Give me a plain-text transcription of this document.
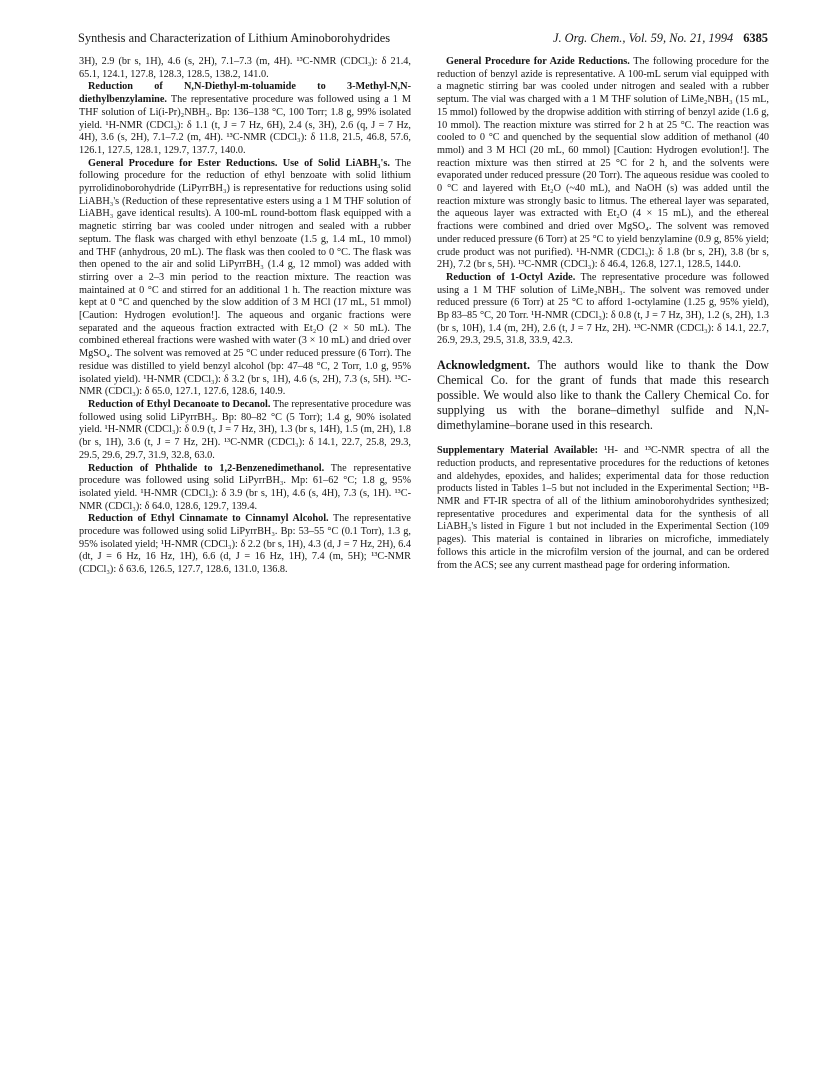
Synthesis and Characterization of Lithium Aminoborohydrides	J. Org. Chem., Vol. 59, No. 21, 1994 6385

3H), 2.9 (br s, 1H), 4.6 (s, 2H), 7.1–7.3 (m, 4H). ¹³C-NMR (CDCl₃): δ 21.4, 65.1, 124.1, 127.8, 128.3, 128.5, 138.2, 141.0.

Reduction of N,N-Diethyl-m-toluamide to 3-Methyl-N,N-diethylbenzylamine. The representative procedure was followed using a 1 M THF solution of Li(i-Pr)₂NBH₃. Bp: 136–138 °C, 100 Torr; 1.8 g, 99% isolated yield. ¹H-NMR (CDCl₃): δ 1.1 (t, J = 7 Hz, 6H), 2.4 (s, 3H), 2.6 (q, J = 7 Hz, 4H), 3.6 (s, 2H), 7.1–7.2 (m, 4H). ¹³C-NMR (CDCl₃): δ 11.8, 21.5, 46.8, 57.6, 126.1, 127.5, 128.1, 129.7, 137.7, 140.0.

General Procedure for Ester Reductions. Use of Solid LiABH₃'s. The following procedure for the reduction of ethyl benzoate with solid lithium pyrrolidinoborohydride (LiPyrrBH₃) is representative for reductions using solid LiABH₃'s (Reduction of these representative esters using a 1 M THF solution of LiABH₃ gave identical results). A 100-mL round-bottom flask equipped with a magnetic stirring bar was cooled under nitrogen and sealed with a rubber septum. The flask was charged with ethyl benzoate (1.5 g, 1.4 mL, 10 mmol) and THF (anhydrous, 20 mL). The flask was then cooled to 0 °C. The flask was then opened to the air and solid LiPyrrBH₃ (1.4 g, 12 mmol) was added with stirring over a 2–3 min period to the reaction mixture. The reaction was maintained at 0 °C and stirred for an additional 1 h. The reaction mixture was kept at 0 °C and quenched by the slow addition of 3 M HCl (17 mL, 51 mmol) [Caution: Hydrogen evolution!]. The aqueous and organic fractions were separated and the aqueous fraction extracted with Et₂O (2 × 50 mL). The combined ethereal fractions were washed with water (3 × 10 mL) and dried over MgSO₄. The solvent was removed at 25 °C under reduced pressure (6 Torr). The residue was distilled to yield benzyl alcohol (bp: 47–48 °C, 2 Torr, 1.0 g, 95% isolated yield). ¹H-NMR (CDCl₃): δ 3.2 (br s, 1H), 4.6 (s, 2H), 7.3 (s, 5H). ¹³C-NMR (CDCl₃): δ 65.0, 127.1, 127.6, 128.6, 140.9.

Reduction of Ethyl Decanoate to Decanol. The representative procedure was followed using solid LiPyrrBH₃. Bp: 80–82 °C (5 Torr); 1.4 g, 90% isolated yield. ¹H-NMR (CDCl₃): δ 0.9 (t, J = 7 Hz, 3H), 1.3 (br s, 14H), 1.5 (m, 2H), 1.8 (br s, 1H), 3.6 (t, J = 7 Hz, 2H). ¹³C-NMR (CDCl₃): δ 14.1, 22.7, 25.8, 29.3, 29.5, 29.6, 29.7, 31.9, 32.8, 63.0.

Reduction of Phthalide to 1,2-Benzenedimethanol. The representative procedure was followed using solid LiPyrrBH₃. Mp: 61–62 °C; 1.8 g, 95% isolated yield. ¹H-NMR (CDCl₃): δ 3.9 (br s, 1H), 4.6 (s, 4H), 7.3 (s, 1H). ¹³C-NMR (CDCl₃): δ 64.0, 128.6, 129.7, 139.4.

Reduction of Ethyl Cinnamate to Cinnamyl Alcohol. The representative procedure was followed using solid LiPyrrBH₃. Bp: 53–55 °C (0.1 Torr), 1.3 g, 95% isolated yield; ¹H-NMR (CDCl₃): δ 2.2 (br s, 1H), 4.3 (d, J = 7 Hz, 2H), 6.4 (dt, J = 6 Hz, 16 Hz, 1H), 6.6 (d, J = 16 Hz, 1H), 7.4 (m, 5H); ¹³C-NMR (CDCl₃): δ 63.6, 126.5, 127.7, 128.6, 131.0, 136.8.

General Procedure for Azide Reductions. The following procedure for the reduction of benzyl azide is representative. A 100-mL serum vial equipped with a magnetic stirring bar was cooled under nitrogen and sealed with a rubber septum. The vial was charged with a 1 M THF solution of LiMe₂NBH₃ (15 mL, 15 mmol) followed by the dropwise addition with stirring of benzyl azide (1.6 g, 10 mmol). The reaction mixture was stirred for 2 h at 25 °C. The reaction was cooled to 0 °C and quenched by the sequential slow addition of methanol (40 mmol) and 3 M HCl (20 mL, 60 mmol) [Caution: Hydrogen evolution!]. The reaction mixture was then stirred at 25 °C for 2 h, and the solvents were evaporated under reduced pressure (20 Torr). The aqueous residue was cooled to 0 °C and layered with Et₂O (~40 mL), and NaOH (s) was added until the reaction mixture was strongly basic to litmus. The ethereal layer was separated, the aqueous layer was extracted with Et₂O (4 × 15 mL), and the ethereal fractions were combined and dried over MgSO₄. The solvent was removed under reduced pressure (6 Torr) at 25 °C to yield benzylamine (0.9 g, 85% yield; crude product was not purified). ¹H-NMR (CDCl₃): δ 1.8 (br s, 2H), 3.8 (br s, 2H), 7.2 (br s, 5H). ¹³C-NMR (CDCl₃): δ 46.4, 126.8, 127.1, 128.5, 144.0.

Reduction of 1-Octyl Azide. The representative procedure was followed using a 1 M THF solution of LiMe₂NBH₃. The solvent was removed under reduced pressure (6 Torr) at 25 °C to afford 1-octylamine (1.25 g, 95% yield), Bp 83–85 °C, 20 Torr. ¹H-NMR (CDCl₃): δ 0.8 (t, J = 7 Hz, 3H), 1.2 (s, 2H), 1.3 (br s, 10H), 1.4 (m, 2H), 2.6 (t, J = 7 Hz, 2H). ¹³C-NMR (CDCl₃): δ 14.1, 22.7, 26.9, 29.3, 29.5, 31.8, 33.9, 42.3.

Acknowledgment. The authors would like to thank the Dow Chemical Co. for the grant of funds that made this research possible. We would also like to thank the Callery Chemical Co. for supplying us with the borane–dimethyl sulfide and N,N-dimethylamine–borane used in this research.

Supplementary Material Available: ¹H- and ¹³C-NMR spectra of all the reduction products, and representative procedures for the reductions of ketones and aldehydes, epoxides, and halides; experimental data for those reduction products listed in Tables 1–5 but not included in the Experimental Section; ¹¹B-NMR and FT-IR spectra of all of the lithium aminoborohydrides synthesized; representative procedures and experimental data for the synthesis of all LiABH₃'s listed in Figure 1 but not included in the Experimental Section (109 pages). This material is contained in libraries on microfiche, immediately follows this article in the microfilm version of the journal, and can be ordered from the ACS; see any current masthead page for ordering information.
